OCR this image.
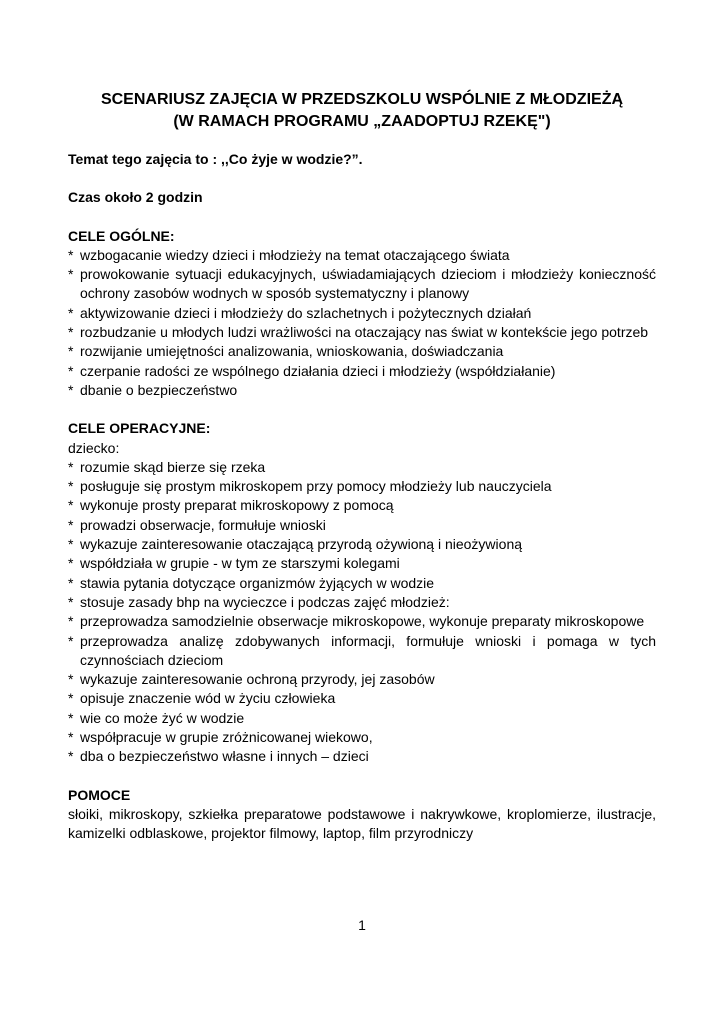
SCENARIUSZ ZAJĘCIA W PRZEDSZKOLU WSPÓLNIE Z MŁODZIEŻĄ
(W RAMACH PROGRAMU „ZAADOPTUJ RZEKĘ")

Temat tego zajęcia to : ,,Co żyje w wodzie?”.

Czas około 2 godzin

CELE OGÓLNE:

* wzbogacanie wiedzy dzieci i młodzieży na temat otaczającego świata
* prowokowanie sytuacji edukacyjnych, uświadamiających dzieciom i młodzieży konieczność ochrony zasobów wodnych w sposób systematyczny i planowy
* aktywizowanie dzieci i młodzieży do szlachetnych i pożytecznych działań
* rozbudzanie u młodych ludzi wrażliwości na otaczający nas świat w kontekście jego potrzeb
* rozwijanie umiejętności analizowania, wnioskowania, doświadczania
* czerpanie radości ze wspólnego działania dzieci i młodzieży (współdziałanie)
* dbanie o bezpieczeństwo

CELE OPERACYJNE:

dziecko:

* rozumie skąd bierze się rzeka
* posługuje się prostym mikroskopem przy pomocy młodzieży lub nauczyciela
* wykonuje prosty preparat mikroskopowy z pomocą
* prowadzi obserwacje, formułuje wnioski
* wykazuje zainteresowanie otaczającą przyrodą ożywioną i nieożywioną
* współdziała w grupie - w tym ze starszymi kolegami
* stawia pytania dotyczące organizmów żyjących w wodzie
* stosuje zasady bhp na wycieczce i podczas zajęć młodzież:
* przeprowadza samodzielnie obserwacje mikroskopowe, wykonuje preparaty mikroskopowe
* przeprowadza analizę zdobywanych informacji, formułuje wnioski i pomaga w tych czynnościach dzieciom
* wykazuje zainteresowanie ochroną przyrody, jej zasobów
* opisuje znaczenie wód w życiu człowieka
* wie co może żyć w wodzie
* współpracuje w grupie zróżnicowanej wiekowo,
* dba o bezpieczeństwo własne i innych – dzieci

POMOCE

słoiki, mikroskopy, szkiełka preparatowe podstawowe i nakrywkowe, kroplomierze, ilustracje, kamizelki odblaskowe, projektor filmowy, laptop, film przyrodniczy

1
